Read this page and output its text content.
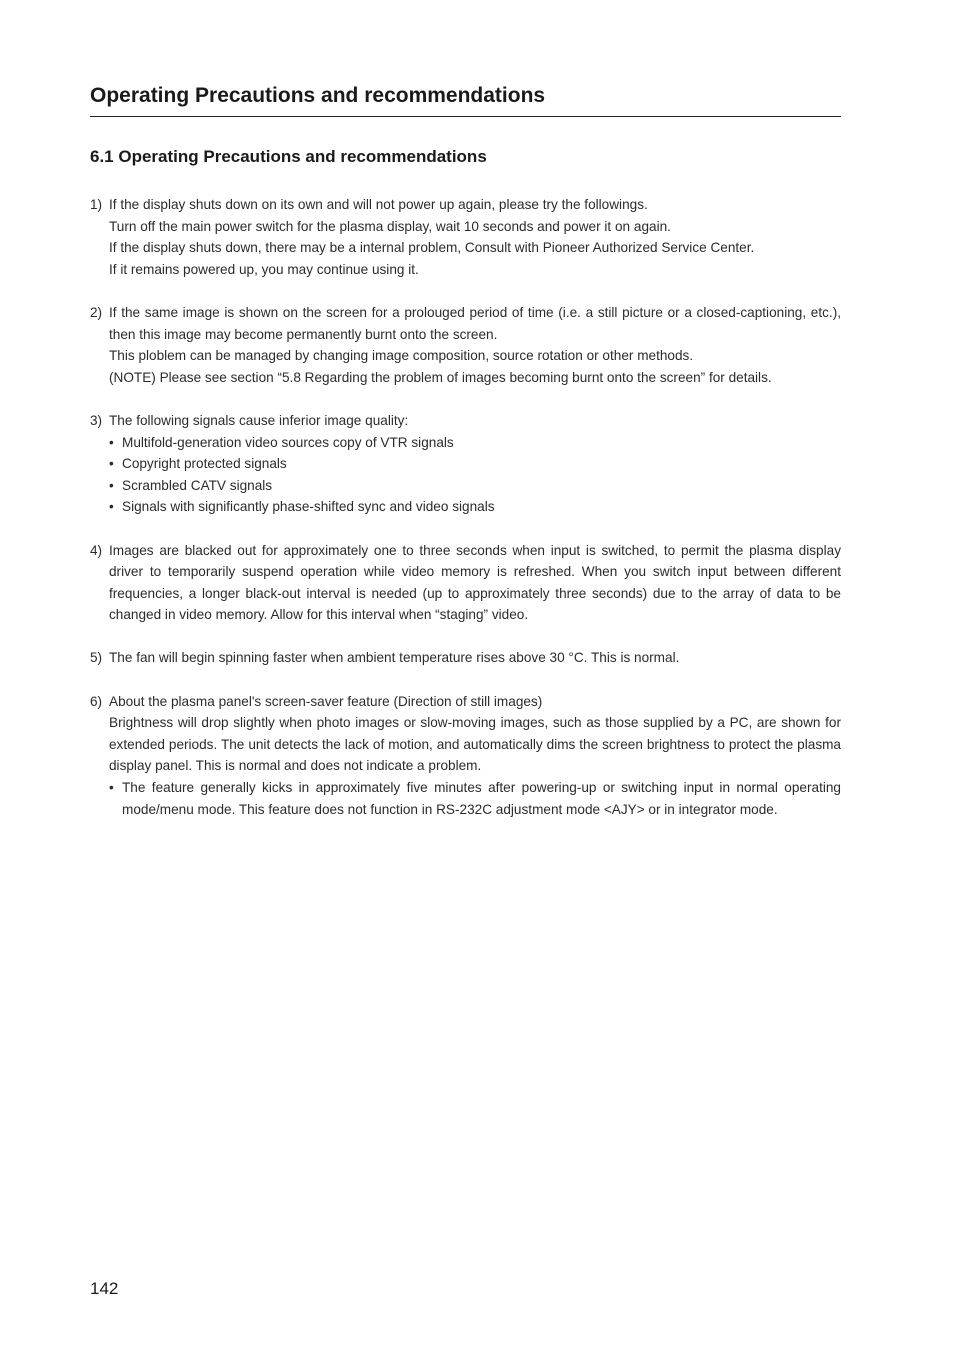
Operating Precautions and recommendations
6.1 Operating Precautions and recommendations
1) If the display shuts down on its own and will not power up again, please try the followings.
Turn off the main power switch for the plasma display, wait 10 seconds and power it on again.
If the display shuts down, there may be a internal problem, Consult with Pioneer Authorized Service Center.
If it remains powered up, you may continue using it.
2) If the same image is shown on the screen for a prolouged period of time (i.e. a still picture or a closed-captioning, etc.), then this image may become permanently burnt onto the screen.
This ploblem can be managed by changing image composition, source rotation or other methods.
(NOTE) Please see section “5.8 Regarding the problem of images becoming burnt onto the screen” for details.
3) The following signals cause inferior image quality:
• Multifold-generation video sources copy of VTR signals
• Copyright protected signals
• Scrambled CATV signals
• Signals with significantly phase-shifted sync and video signals
4) Images are blacked out for approximately one to three seconds when input is switched, to permit the plasma display driver to temporarily suspend operation while video memory is refreshed. When you switch input between different frequencies, a longer black-out interval is needed (up to approximately three seconds) due to the array of data to be changed in video memory. Allow for this interval when “staging” video.
5) The fan will begin spinning faster when ambient temperature rises above 30 °C. This is normal.
6) About the plasma panel's screen-saver feature (Direction of still images)
Brightness will drop slightly when photo images or slow-moving images, such as those supplied by a PC, are shown for extended periods. The unit detects the lack of motion, and automatically dims the screen brightness to protect the plasma display panel. This is normal and does not indicate a problem.
• The feature generally kicks in approximately five minutes after powering-up or switching input in normal operating mode/menu mode. This feature does not function in RS-232C adjustment mode <AJY> or in integrator mode.
142
